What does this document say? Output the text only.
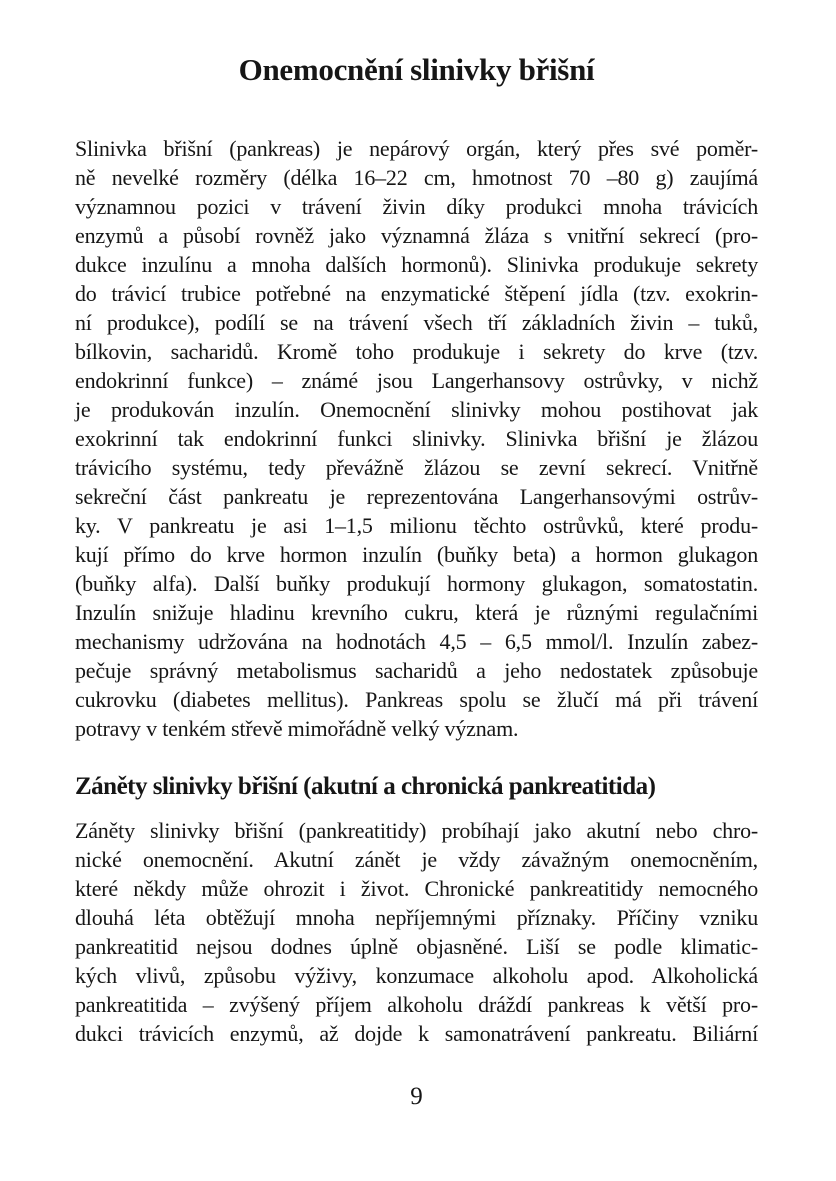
Onemocnění slinivky břišní
Slinivka břišní (pankreas) je nepárový orgán, který přes své poměr-
ně nevelké rozměry (délka 16–22 cm, hmotnost 70 –80 g) zaujímá
významnou pozici v trávení živin díky produkci mnoha trávicích
enzymů a působí rovněž jako významná žláza s vnitřní sekrecí (pro-
dukce inzulínu a mnoha dalších hormonů). Slinivka produkuje sekrety
do trávicí trubice potřebné na enzymatické štěpení jídla (tzv. exokrin-
ní produkce), podílí se na trávení všech tří základních živin – tuků,
bílkovin, sacharidů. Kromě toho produkuje i sekrety do krve (tzv.
endokrinní funkce) – známé jsou Langerhansovy ostrůvky, v nichž
je produkován inzulín. Onemocnění slinivky mohou postihovat jak
exokrinní tak endokrinní funkci slinivky. Slinivka břišní je žlázou
trávicího systému, tedy převážně žlázou se zevní sekrecí. Vnitřně
sekreční část pankreatu je reprezentována Langerhansovými ostrův-
ky. V pankreatu je asi 1–1,5 milionu těchto ostrůvků, které produ-
kují přímo do krve hormon inzulín (buňky beta) a hormon glukagon
(buňky alfa). Další buňky produkují hormony glukagon, somatostatin.
Inzulín snižuje hladinu krevního cukru, která je různými regulačními
mechanismy udržována na hodnotách 4,5 – 6,5 mmol/l. Inzulín zabez-
pečuje správný metabolismus sacharidů a jeho nedostatek způsobuje
cukrovku (diabetes mellitus). Pankreas spolu se žlučí má při trávení
potravy v tenkém střevě mimořádně velký význam.
Záněty slinivky břišní (akutní a chronická pankreatitida)
Záněty slinivky břišní (pankreatitidy) probíhají jako akutní nebo chro-
nické onemocnění. Akutní zánět je vždy závažným onemocněním,
které někdy může ohrozit i život. Chronické pankreatitidy nemocného
dlouhá léta obtěžují mnoha nepříjemnými příznaky. Příčiny vzniku
pankreatitid nejsou dodnes úplně objasněné. Liší se podle klimatic-
kých vlivů, způsobu výživy, konzumace alkoholu apod. Alkoholická
pankreatitida – zvýšený příjem alkoholu dráždí pankreas k větší pro-
dukci trávicích enzymů, až dojde k samonatrávení pankreatu. Biliární
9
